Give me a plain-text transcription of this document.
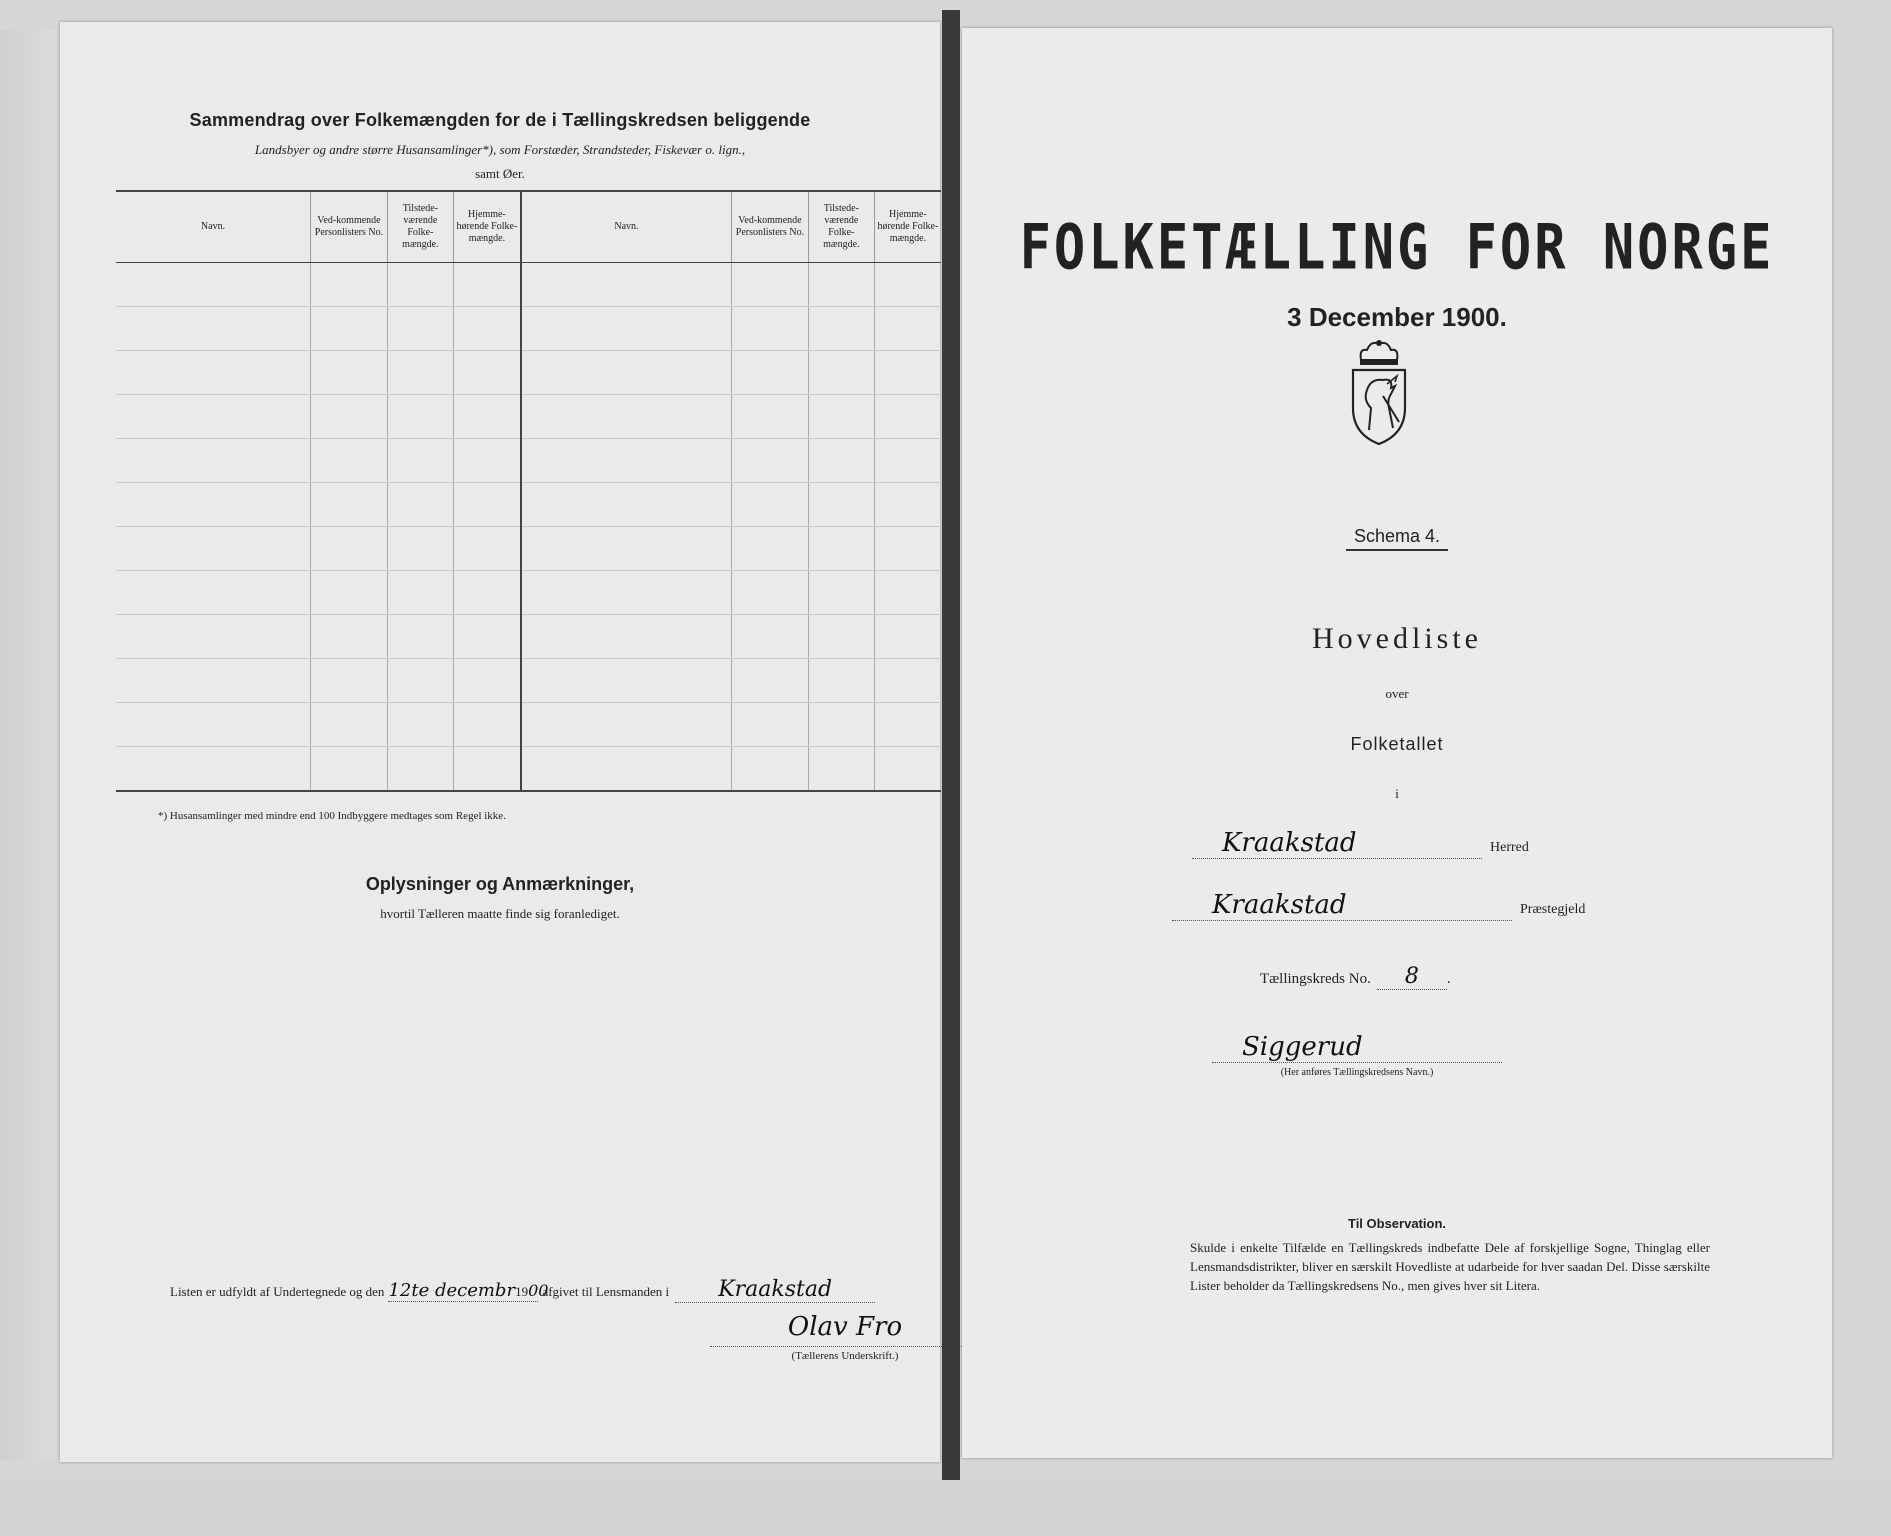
Sammendrag over Folkemængden for de i Tællingskredsen beliggende
Landsbyer og andre større Husansamlinger*), som Forstæder, Strandsteder, Fiskevær o. lign.,
samt Øer.
Navn.	Ved-kommende Personlisters No.	Tilstede-værende Folke-mængde.	Hjemme-hørende Folke-mængde.	Navn.	Ved-kommende Personlisters No.	Tilstede-værende Folke-mængde.	Hjemme-hørende Folke-mængde.

*) Husansamlinger med mindre end 100 Indbyggere medtages som Regel ikke.
Oplysninger og Anmærkninger,
hvortil Tælleren maatte finde sig foranlediget.
Listen er udfyldt af Undertegnede og den 12te decembr1900
afgivet til Lensmanden i	Kraakstad
Olav Fro
(Tællerens Underskrift.)
FOLKETÆLLING FOR NORGE
3 December 1900.
Schema 4.
Hovedliste
over
Folketallet
i
Kraakstad	Herred
Kraakstad	Præstegjeld
Tællingskreds No.	8	.
Siggerud
(Her anføres Tællingskredsens Navn.)
Til Observation.
Skulde i enkelte Tilfælde en Tællingskreds indbefatte Dele af forskjellige Sogne, Thinglag eller Lensmandsdistrikter, bliver en særskilt Hovedliste at udarbeide for hver saadan Del. Disse særskilte Lister beholder da Tællingskredsens No., men gives hver sit Litera.
